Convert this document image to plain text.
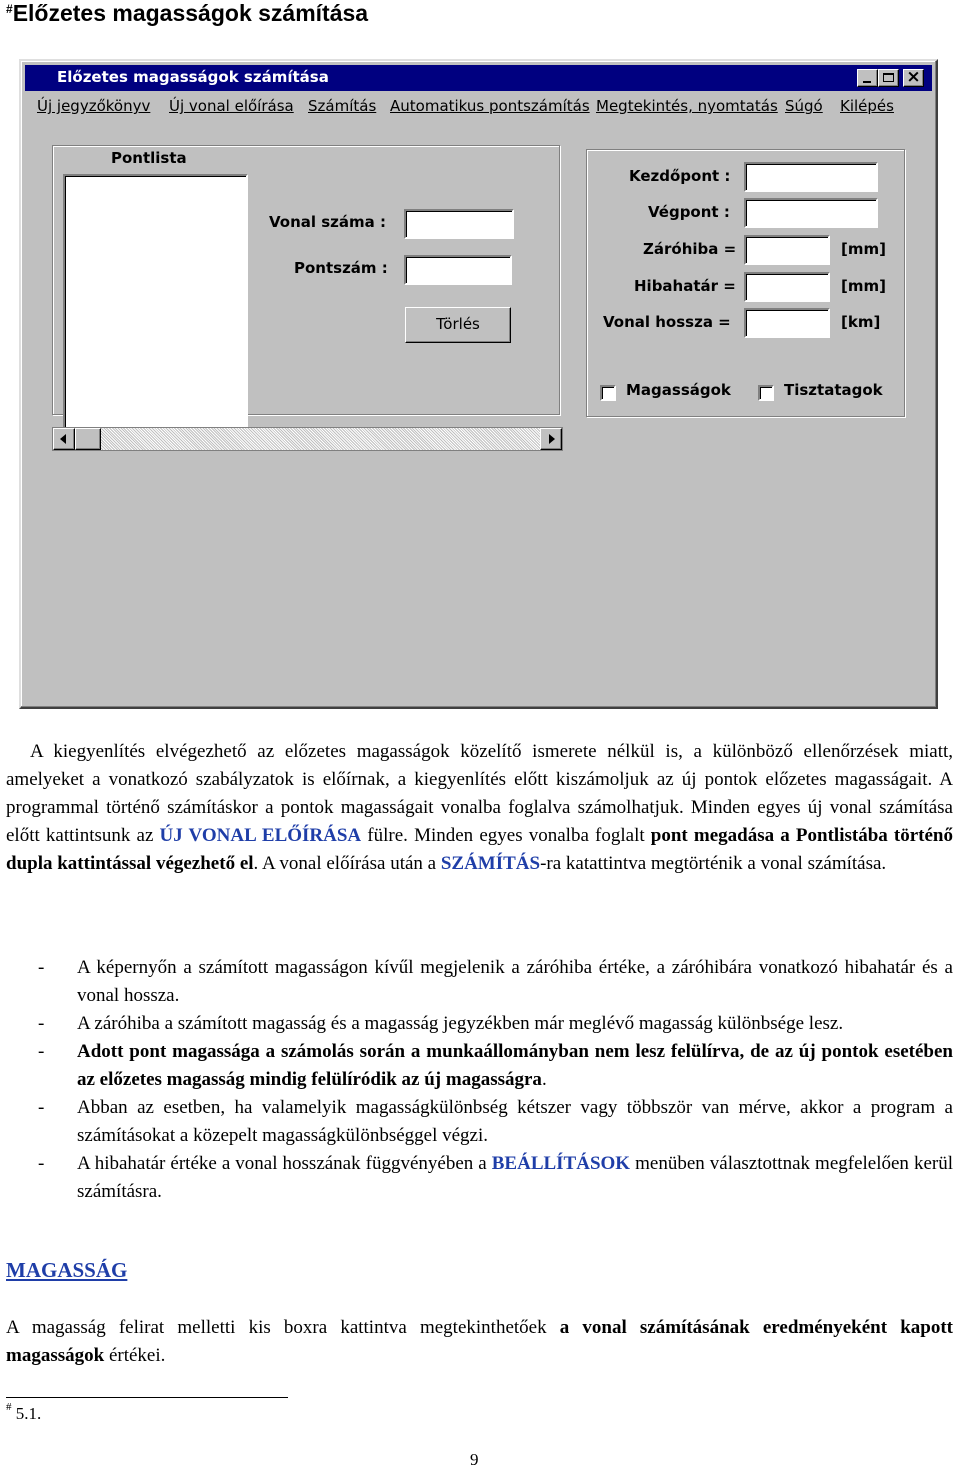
#Előzetes magasságok számítása
Előzetes magasságok számítása	×
Új jegyzőkönyv Új vonal előírása Számítás Automatikus pontszámítás Megtekintés, nyomtatás Súgó Kilépés
Pontlista
Vonal száma :
Pontszám :
Törlés
Kezdőpont :
Végpont :
Záróhiba =	[mm]
Hibahatár =	[mm]
Vonal hossza =	[km]
Magasságok	Tisztatagok

A kiegyenlítés elvégezhető az előzetes magasságok közelítő ismerete nélkül is, a különböző ellenőrzések miatt, amelyeket a vonatkozó szabályzatok is előírnak, a kiegyenlítés előtt kiszámoljuk az új pontok előzetes magasságait. A programmal történő számításkor a pontok magasságait vonalba foglalva számolhatjuk. Minden egyes új vonal számítása előtt kattintsunk az ÚJ VONAL ELŐÍRÁSA fülre. Minden egyes vonalba foglalt pont megadása a Pontlistába történő dupla kattintással végezhető el. A vonal előírása után a SZÁMÍTÁS-ra katattintva megtörténik a vonal számítása.

- A képernyőn a számított magasságon kívűl megjelenik a záróhiba értéke, a záróhibára vonatkozó hibahatár és a vonal hossza.
- A záróhiba a számított magasság és a magasság jegyzékben már meglévő magasság különbsége lesz.
- Adott pont magassága a számolás során a munkaállományban nem lesz felülírva, de az új pontok esetében az előzetes magasság mindig felülíródik az új magasságra.
- Abban az esetben, ha valamelyik magasságkülönbség kétszer vagy többször van mérve, akkor a program a számításokat a közepelt magasságkülönbséggel végzi.
- A hibahatár értéke a vonal hosszának függvényében a BEÁLLÍTÁSOK menüben választottnak megfelelően kerül számításra.
MAGASSÁG

A magasság felirat melletti kis boxra kattintva megtekinthetőek a vonal számításának eredményeként kapott magasságok értékei.

# 5.1.
9
